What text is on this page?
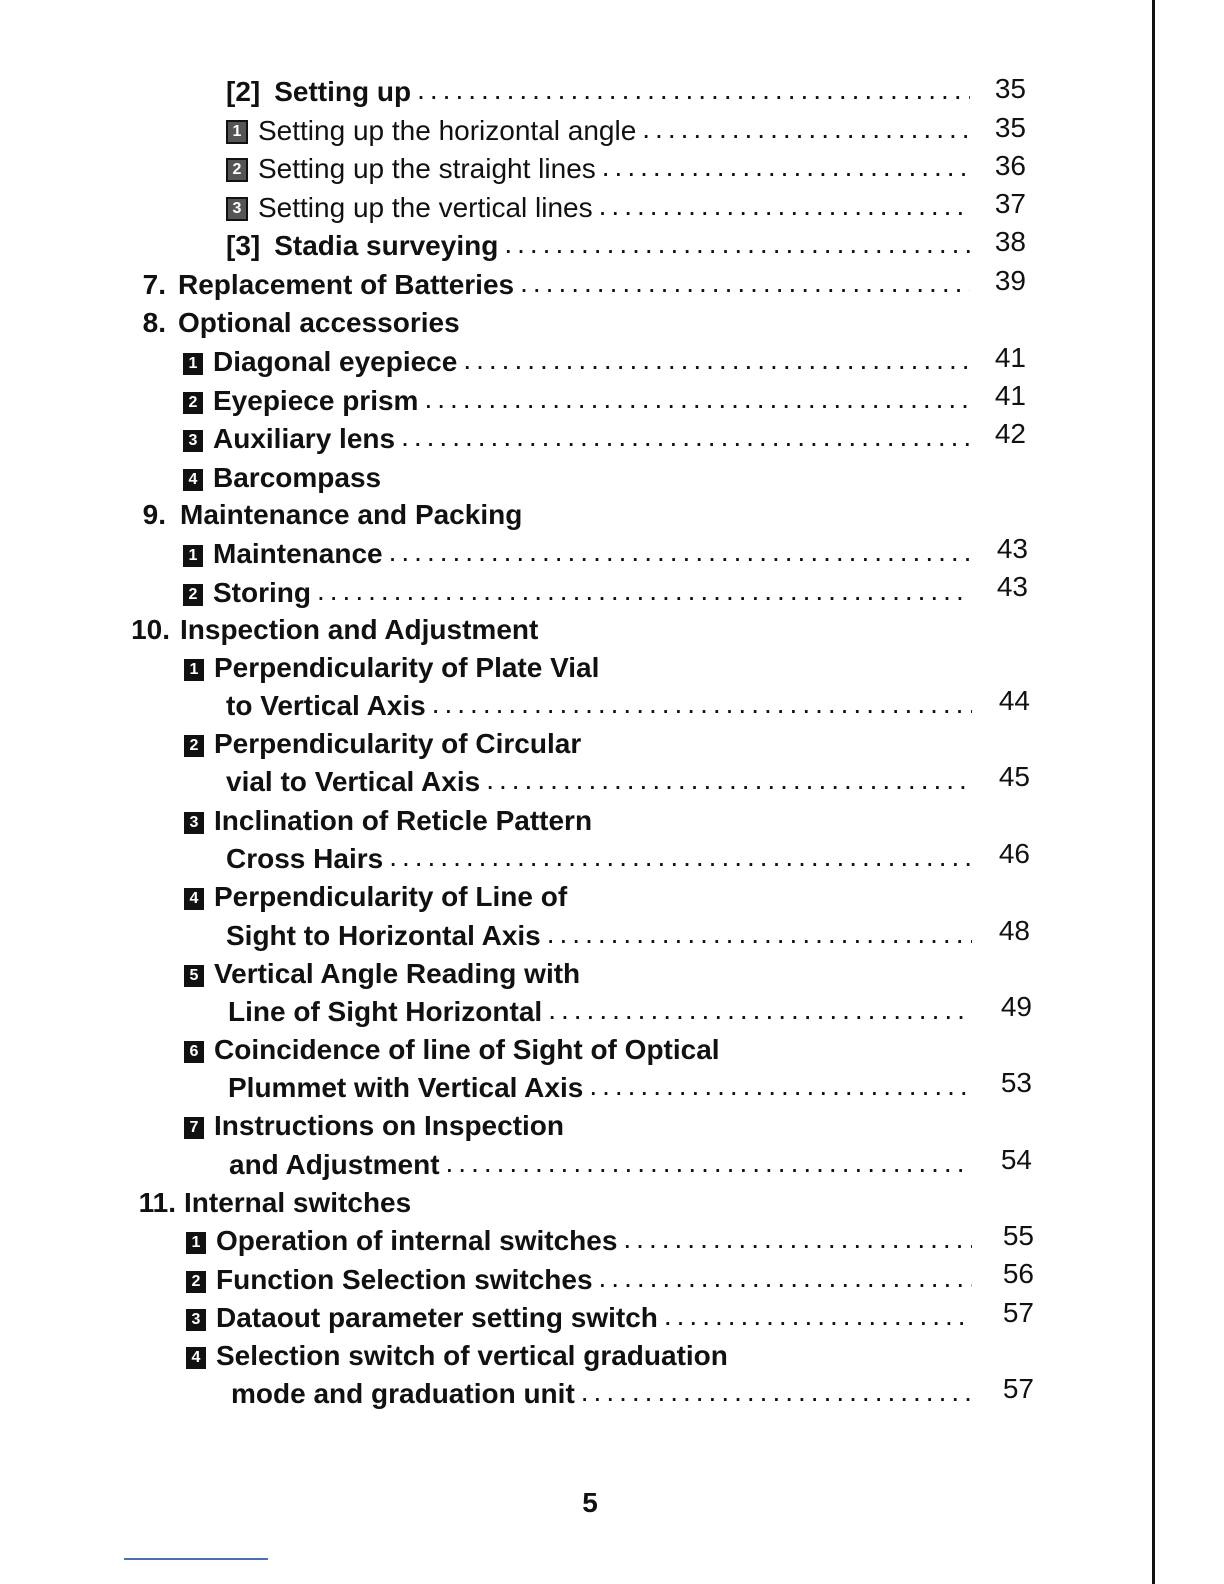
[2] Setting up .....	35
1 Setting up the horizontal angle .....	35
2 Setting up the straight lines .....	36
3 Setting up the vertical lines .....	37
[3] Stadia surveying .....	38
7. Replacement of Batteries .....	39
8. Optional accessories
1 Diagonal eyepiece .....	41
2 Eyepiece prism .....	41
3 Auxiliary lens .....	42
4 Barcompass
9. Maintenance and Packing
1 Maintenance .....	43
2 Storing .....	43
10. Inspection and Adjustment
1 Perpendicularity of Plate Vial
to Vertical Axis .....	44
2 Perpendicularity of Circular
vial to Vertical Axis .....	45
3 Inclination of Reticle Pattern
Cross Hairs .....	46
4 Perpendicularity of Line of
Sight to Horizontal Axis .....	48
5 Vertical Angle Reading with
Line of Sight Horizontal .....	49
6 Coincidence of line of Sight of Optical
Plummet with Vertical Axis .....	53
7 Instructions on Inspection
and Adjustment .....	54
11. Internal switches
1 Operation of internal switches .....	55
2 Function Selection switches .....	56
3 Dataout parameter setting switch .....	57
4 Selection switch of vertical graduation
mode and graduation unit .....	57
5
